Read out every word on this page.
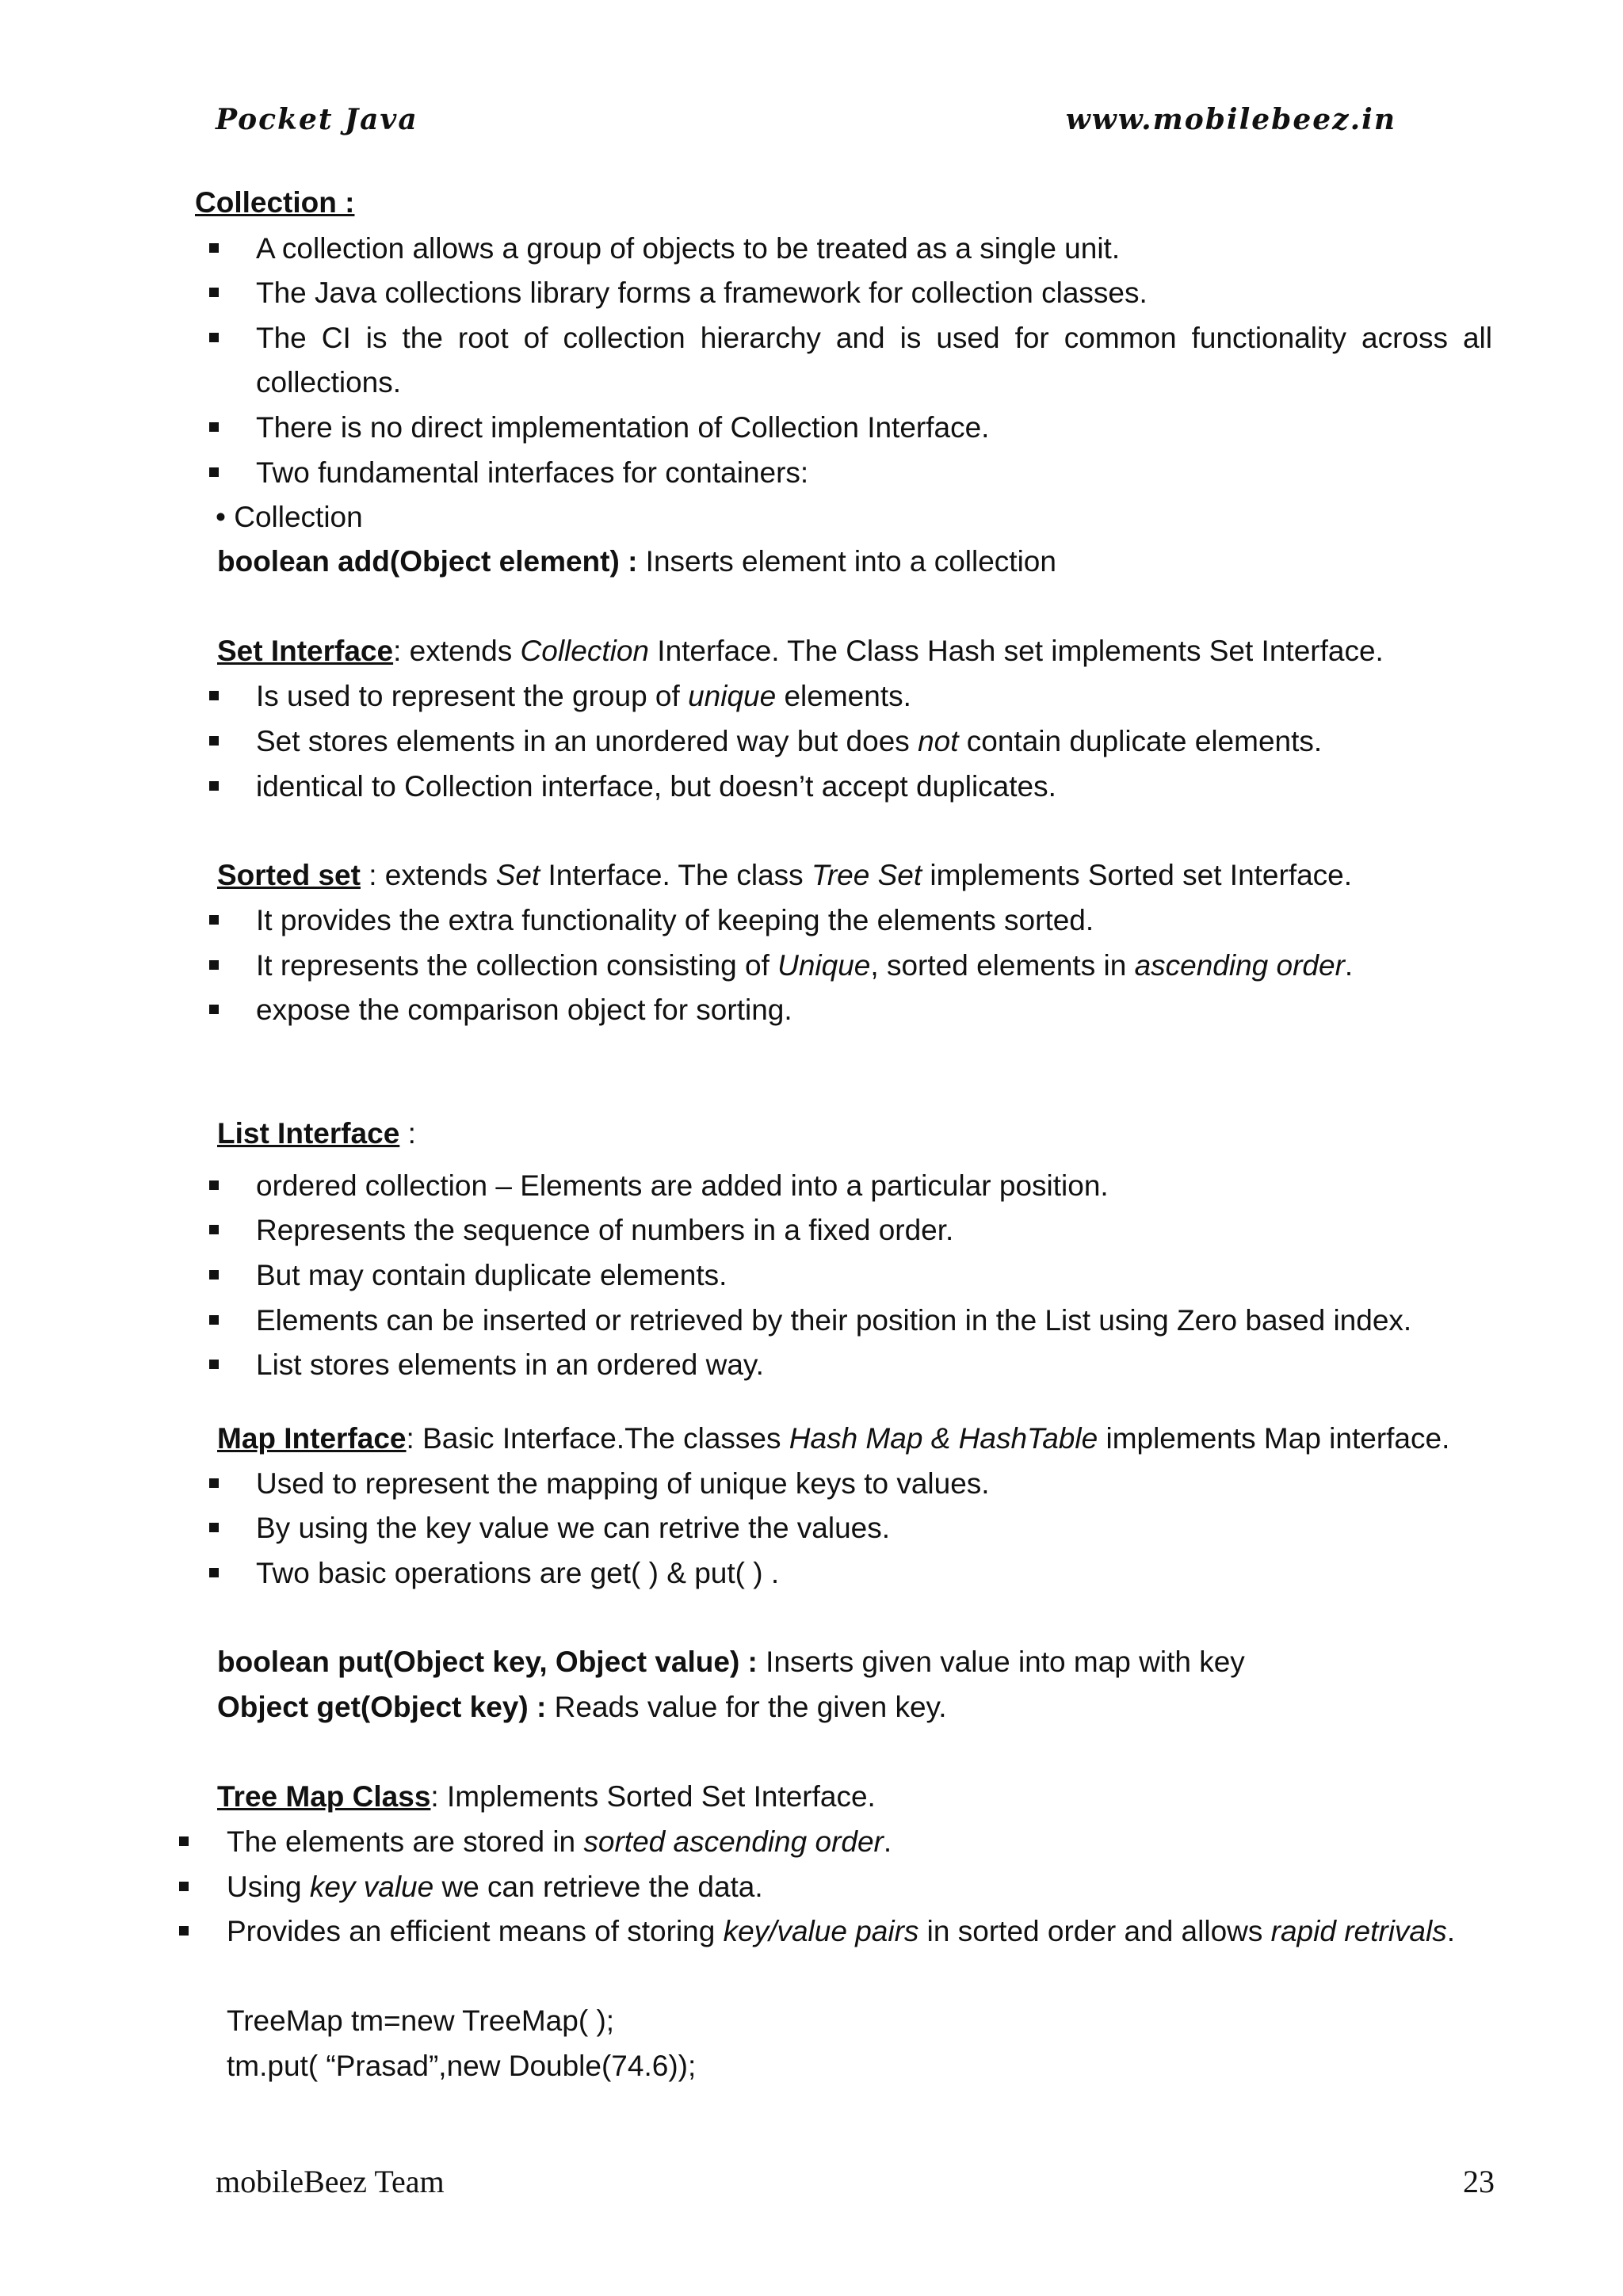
Pocket Java	www.mobilebeez.in
Collection :
A collection allows a group of objects to be treated as a single unit.
The Java collections library forms a framework for collection classes.
The CI is the root of collection hierarchy and is used for common functionality across all
collections.
There is no direct implementation of Collection Interface.
Two fundamental interfaces for containers:
• Collection
boolean add(Object element) : Inserts element into a collection
Set Interface: extends Collection Interface. The Class Hash set implements Set Interface.
Is used to represent the group of unique elements.
Set stores elements in an unordered way but does not contain duplicate elements.
identical to Collection interface, but doesn’t accept duplicates.
Sorted set : extends Set Interface. The class Tree Set implements Sorted set Interface.
It provides the extra functionality of keeping the elements sorted.
It represents the collection consisting of Unique, sorted elements in ascending order.
expose the comparison object for sorting.
List Interface :
ordered collection – Elements are added into a particular position.
Represents the sequence of numbers in a fixed order.
But may contain duplicate elements.
Elements can be inserted or retrieved by their position in the List using Zero based index.
List stores elements in an ordered way.
Map Interface: Basic Interface.The classes Hash Map & HashTable implements Map interface.
Used to represent the mapping of unique keys to values.
By using the key value we can retrive the values.
Two basic operations are get( ) & put( ) .
boolean put(Object key, Object value) : Inserts given value into map with key
Object get(Object key) : Reads value for the given key.
Tree Map Class: Implements Sorted Set Interface.
The elements are stored in sorted ascending order.
Using key value we can retrieve the data.
Provides an efficient means of storing key/value pairs in sorted order and allows rapid retrivals.
TreeMap tm=new TreeMap( );
tm.put( “Prasad”,new Double(74.6));
mobileBeez Team	23
